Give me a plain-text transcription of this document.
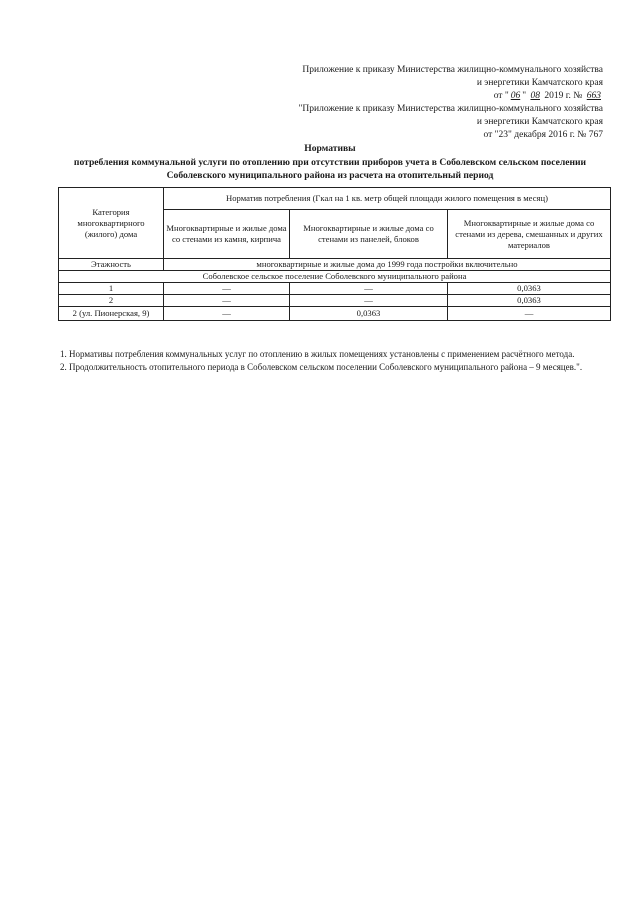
Приложение к приказу Министерства жилищно-коммунального хозяйства
и энергетики Камчатского края
от " 06 " 08 2019 г. № 663
"Приложение к приказу Министерства жилищно-коммунального хозяйства
и энергетики Камчатского края
от "23" декабря 2016 г. № 767
Нормативы
потребления коммунальной услуги по отоплению при отсутствии приборов учета в Соболевском сельском поселении
Соболевского муниципального района из расчета на отопительный период
Категория многоквартирного (жилого) дома	Норматив потребления (Гкал на 1 кв. метр общей площади жилого помещения в месяц)		
	Многоквартирные и жилые дома со стенами из камня, кирпича	Многоквартирные и жилые дома со стенами из панелей, блоков	Многоквартирные и жилые дома со стенами из дерева, смешанных и других материалов
Этажность	многоквартирные и жилые дома до 1999 года постройки включительно		
Соболевское сельское поселение Соболевского муниципального района			
1	—	—	0,0363
2	—	—	0,0363
2 (ул. Пионерская, 9)	—	0,0363	—

1. Нормативы потребления коммунальных услуг по отоплению в жилых помещениях установлены с применением расчётного метода.

2. Продолжительность отопительного периода в Соболевском сельском поселении Соболевского муниципального района – 9 месяцев.".
